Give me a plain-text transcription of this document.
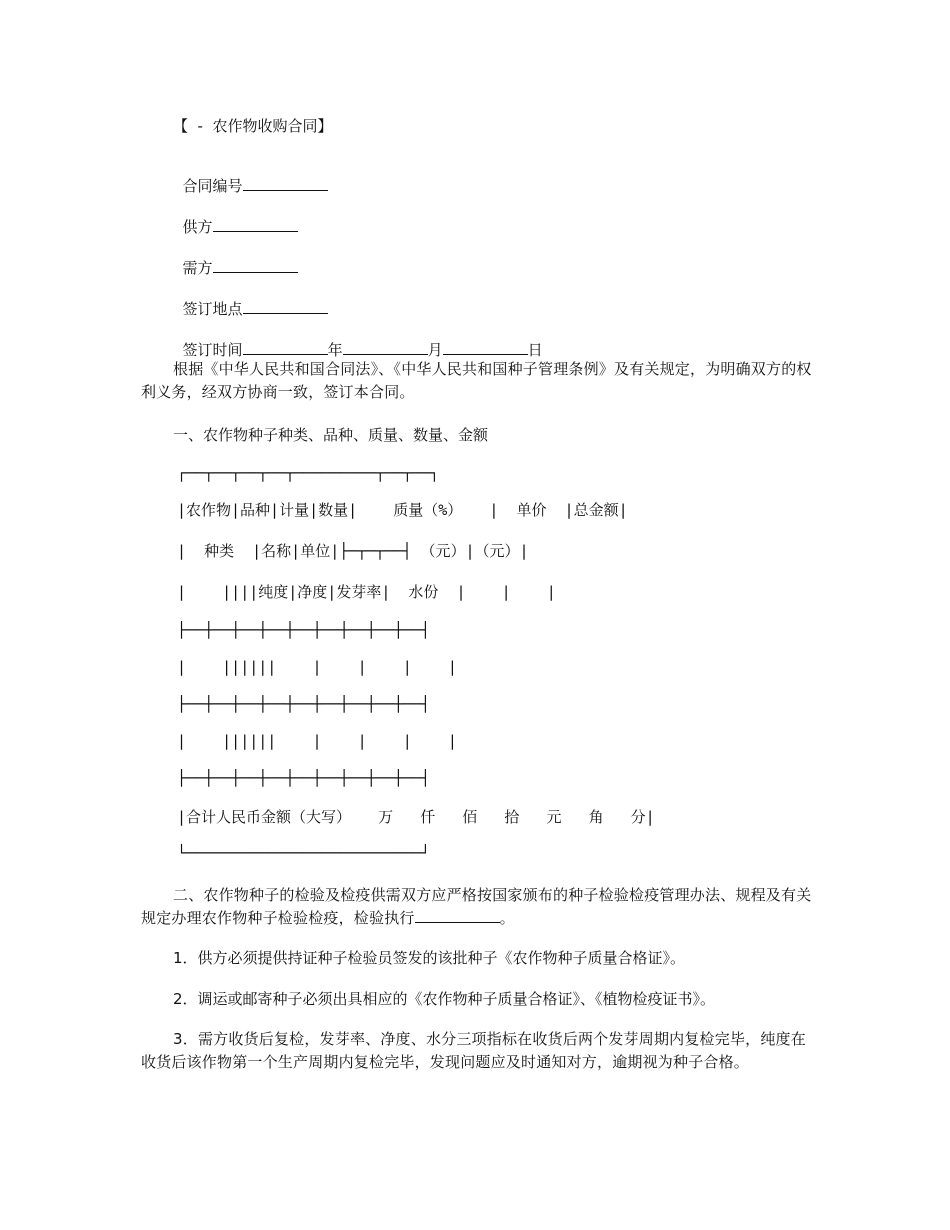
【  -  农作物收购合同】

合同编号

供方

需方

签订地点

签订时间	年	月	日

根据《中华人民共和国合同法》、《中华人民共和国种子管理条例》及有关规定，为明确双方的权利义务，经双方协商一致，签订本合同。
一、农作物种子种类、品种、质量、数量、金额
┌──┬──┬──┬──┬─────────┬──┬──┐
|农作物|品种|计量|数量|    质量（%）   |  单价  |总金额|
|  种类  |名称|单位|├─┬─┬──┤ （元）|（元）|
|    ||||纯度|净度|发芽率|  水份  |    |    |
├──┼──┼──┼──┼──┼──┼──┼──┼──┤
|    ||||||    |    |    |    |
├──┼──┼──┼──┼──┼──┼──┼──┼──┤
|    ||||||    |    |    |    |
├──┼──┼──┼──┼──┼──┼──┼──┼──┤
|合计人民币金额（大写）   万   仟   佰   拾   元   角   分|
└──────────────────────────┘
二、农作物种子的检验及检疫供需双方应严格按国家颁布的种子检验检疫管理办法、规程及有关规定办理农作物种子检验检疫，检验执行	。
1．供方必须提供持证种子检验员签发的该批种子《农作物种子质量合格证》。
2．调运或邮寄种子必须出具相应的《农作物种子质量合格证》、《植物检疫证书》。
3．需方收货后复检，发芽率、净度、水分三项指标在收货后两个发芽周期内复检完毕，纯度在收货后该作物第一个生产周期内复检完毕，发现问题应及时通知对方，逾期视为种子合格。
